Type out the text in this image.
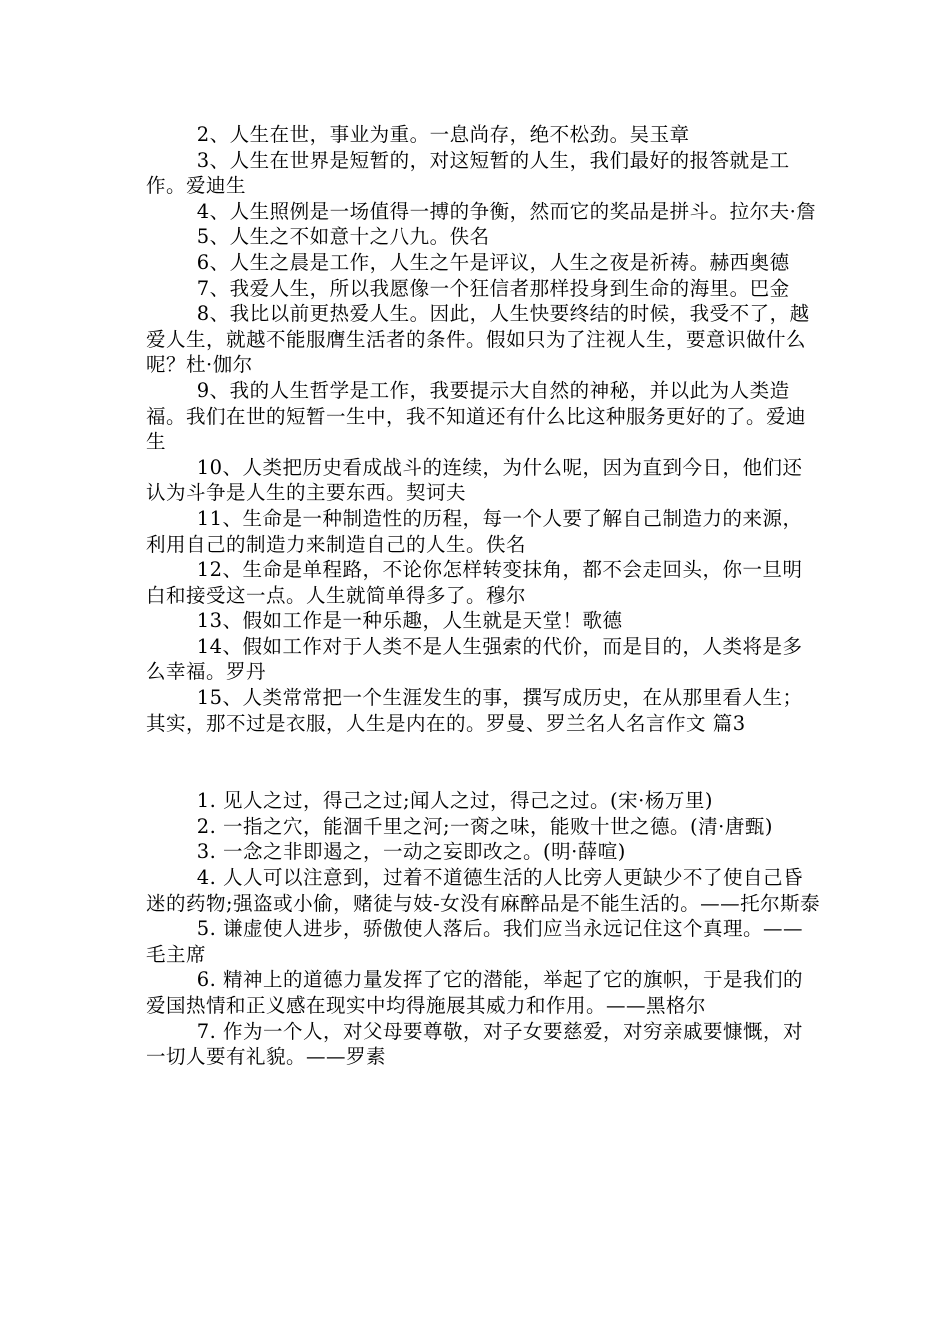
2、人生在世，事业为重。一息尚存，绝不松劲。吴玉章

3、人生在世界是短暂的，对这短暂的人生，我们最好的报答就是工作。爱迪生

4、人生照例是一场值得一搏的争衡，然而它的奖品是拼斗。拉尔夫·詹

5、人生之不如意十之八九。佚名

6、人生之晨是工作，人生之午是评议，人生之夜是祈祷。赫西奥德

7、我爱人生，所以我愿像一个狂信者那样投身到生命的海里。巴金

8、我比以前更热爱人生。因此，人生快要终结的时候，我受不了，越爱人生，就越不能服膺生活者的条件。假如只为了注视人生，要意识做什么呢？杜·伽尔

9、我的人生哲学是工作，我要提示大自然的神秘，并以此为人类造福。我们在世的短暂一生中，我不知道还有什么比这种服务更好的了。爱迪生

10、人类把历史看成战斗的连续，为什么呢，因为直到今日，他们还认为斗争是人生的主要东西。契诃夫

11、生命是一种制造性的历程，每一个人要了解自己制造力的来源，利用自己的制造力来制造自己的人生。佚名

12、生命是单程路，不论你怎样转变抹角，都不会走回头，你一旦明白和接受这一点。人生就简单得多了。穆尔

13、假如工作是一种乐趣，人生就是天堂！歌德

14、假如工作对于人类不是人生强索的代价，而是目的，人类将是多么幸福。罗丹

15、人类常常把一个生涯发生的事，撰写成历史，在从那里看人生；其实，那不过是衣服，人生是内在的。罗曼、罗兰名人名言作文 篇3

1. 见人之过，得己之过;闻人之过，得己之过。(宋·杨万里)

2. 一指之穴，能涸千里之河;一脔之味，能败十世之德。(清·唐甄)

3. 一念之非即遏之，一动之妄即改之。(明·薛喧)

4. 人人可以注意到，过着不道德生活的人比旁人更缺少不了使自己昏迷的药物;强盗或小偷，赌徒与妓-女没有麻醉品是不能生活的。——托尔斯泰

5. 谦虚使人进步，骄傲使人落后。我们应当永远记住这个真理。——毛主席

6. 精神上的道德力量发挥了它的潜能，举起了它的旗帜，于是我们的爱国热情和正义感在现实中均得施展其威力和作用。——黑格尔

7. 作为一个人，对父母要尊敬，对子女要慈爱，对穷亲戚要慷慨，对一切人要有礼貌。——罗素
